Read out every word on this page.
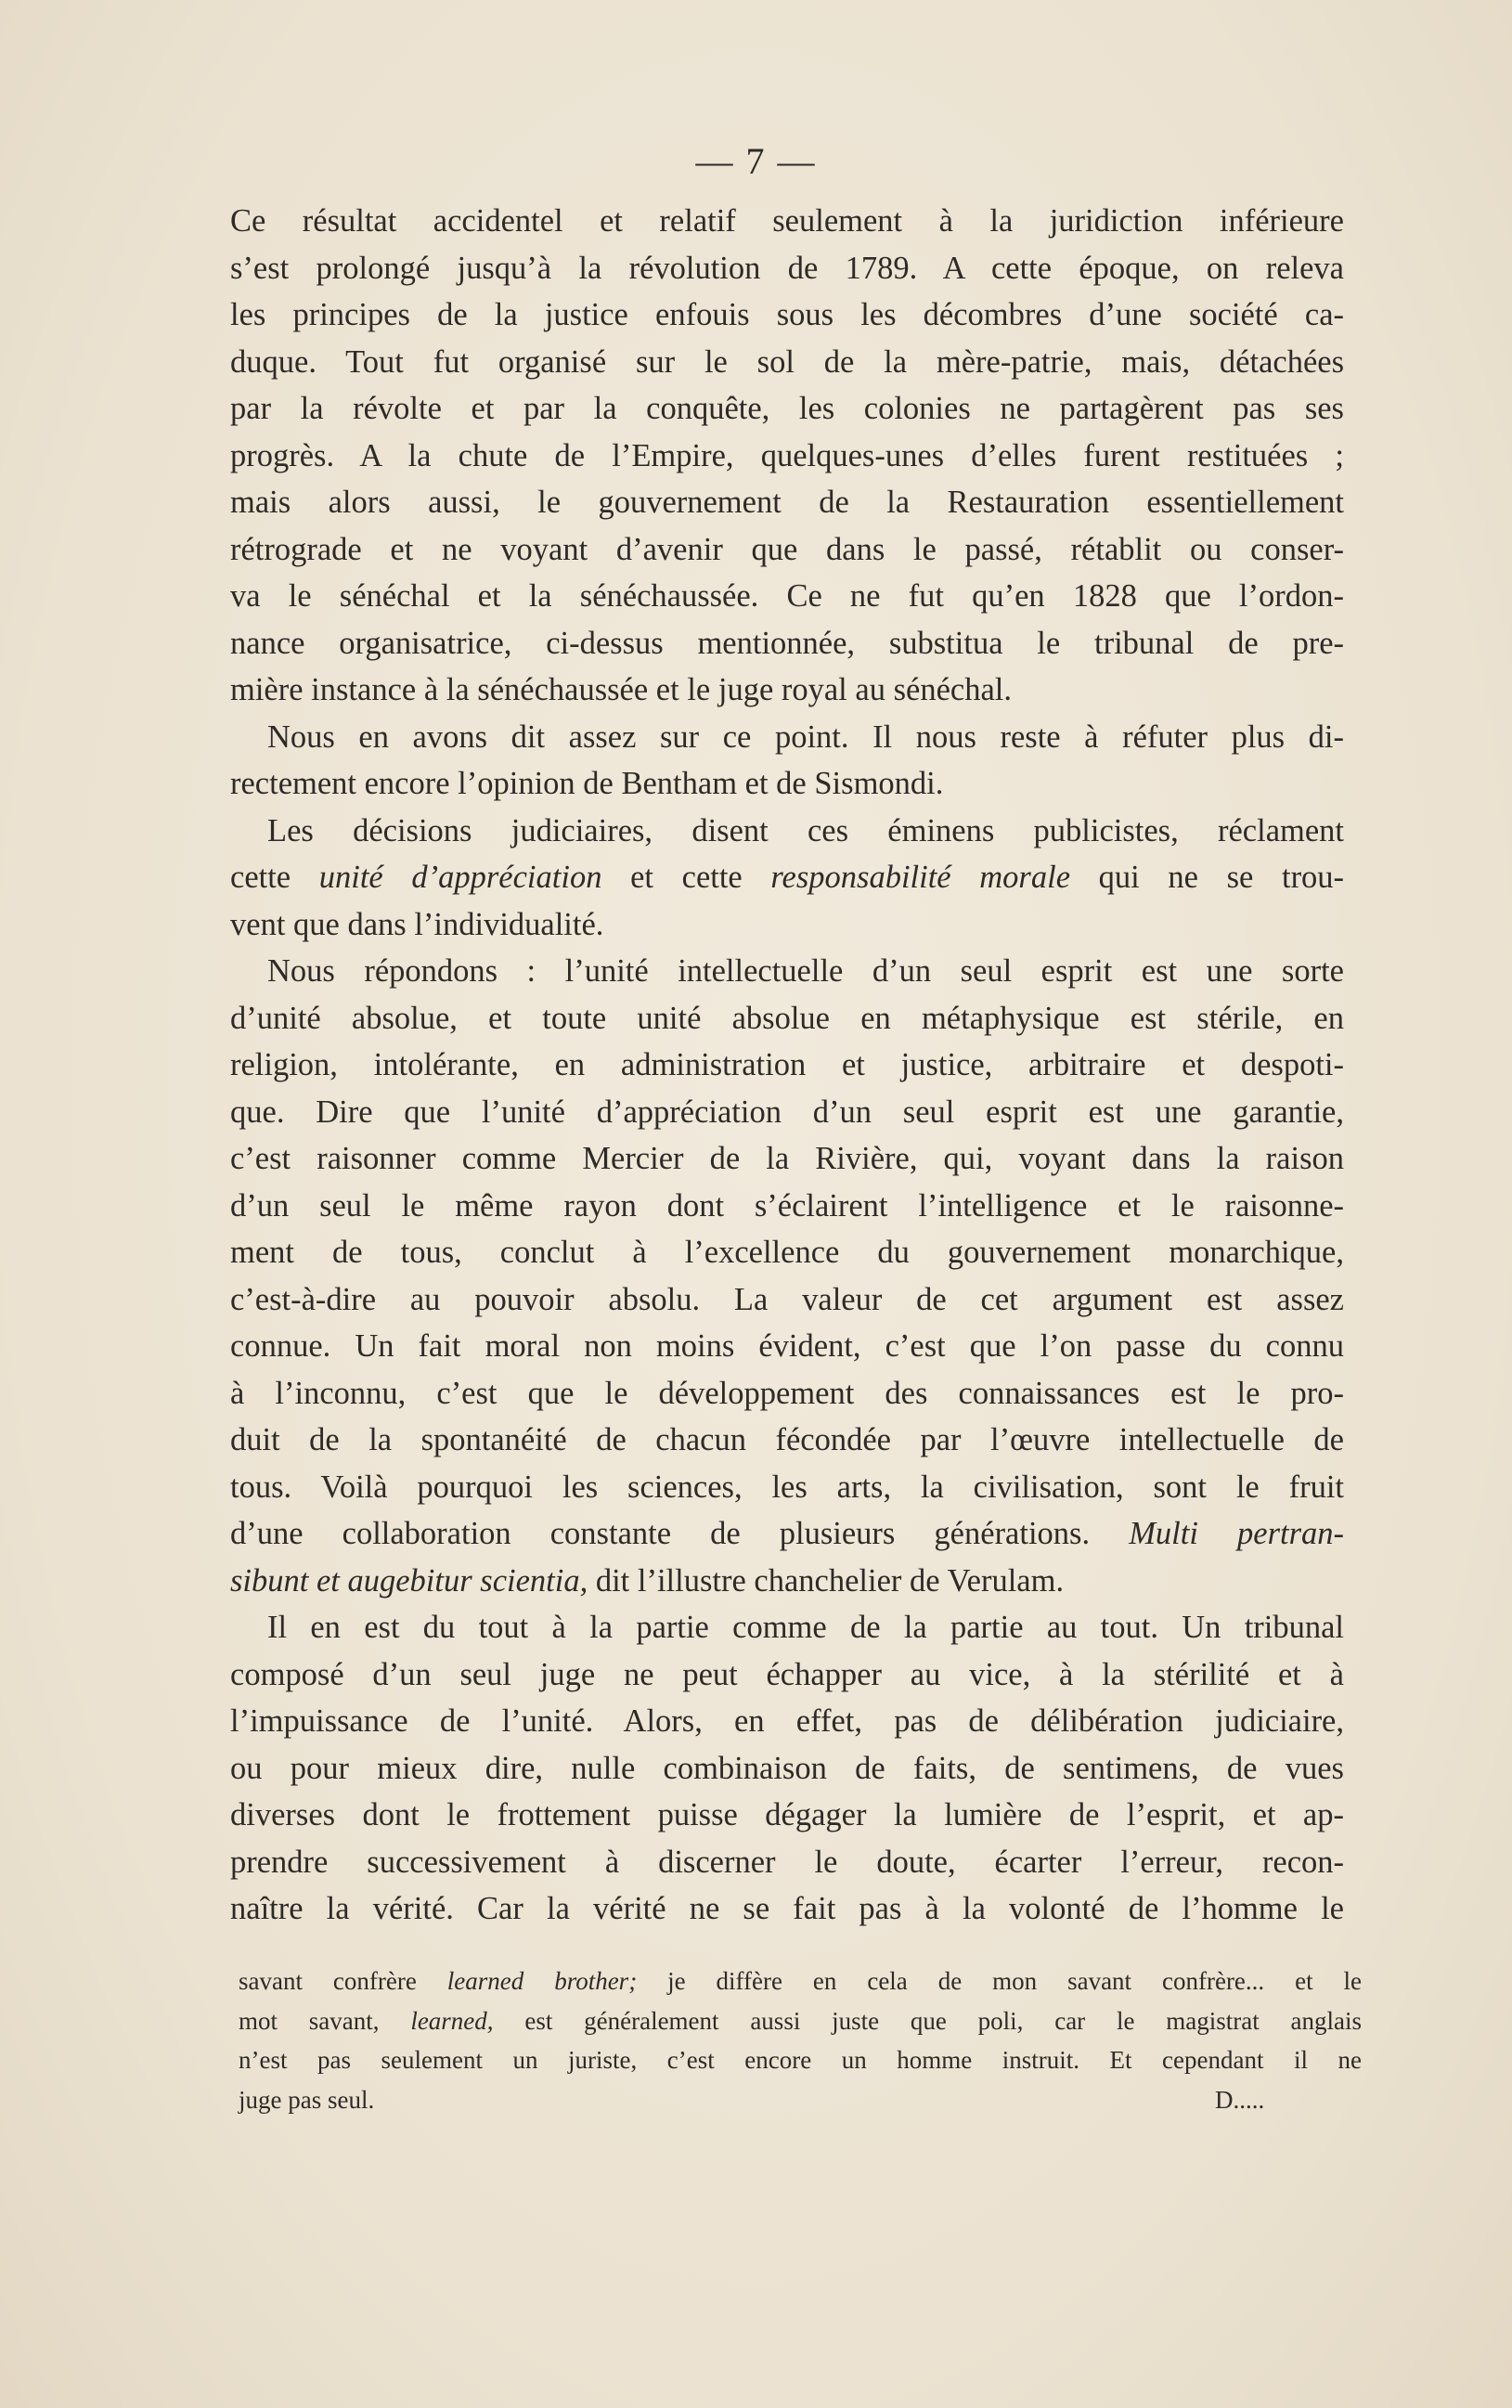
— 7 —
Ce résultat accidentel et relatif seulement à la juridiction inférieure
s’est prolongé jusqu’à la révolution de 1789. A cette époque, on releva
les principes de la justice enfouis sous les décombres d’une société ca-
duque. Tout fut organisé sur le sol de la mère-patrie, mais, détachées
par la révolte et par la conquête, les colonies ne partagèrent pas ses
progrès. A la chute de l’Empire, quelques-unes d’elles furent restituées ;
mais alors aussi, le gouvernement de la Restauration essentiellement
rétrograde et ne voyant d’avenir que dans le passé, rétablit ou conser-
va le sénéchal et la sénéchaussée. Ce ne fut qu’en 1828 que l’ordon-
nance organisatrice, ci-dessus mentionnée, substitua le tribunal de pre-
mière instance à la sénéchaussée et le juge royal au sénéchal.
Nous en avons dit assez sur ce point. Il nous reste à réfuter plus di-
rectement encore l’opinion de Bentham et de Sismondi.
Les décisions judiciaires, disent ces éminens publicistes, réclament
cette unité d’appréciation et cette responsabilité morale qui ne se trou-
vent que dans l’individualité.
Nous répondons : l’unité intellectuelle d’un seul esprit est une sorte
d’unité absolue, et toute unité absolue en métaphysique est stérile, en
religion, intolérante, en administration et justice, arbitraire et despoti-
que. Dire que l’unité d’appréciation d’un seul esprit est une garantie,
c’est raisonner comme Mercier de la Rivière, qui, voyant dans la raison
d’un seul le même rayon dont s’éclairent l’intelligence et le raisonne-
ment de tous, conclut à l’excellence du gouvernement monarchique,
c’est-à-dire au pouvoir absolu. La valeur de cet argument est assez
connue. Un fait moral non moins évident, c’est que l’on passe du connu
à l’inconnu, c’est que le développement des connaissances est le pro-
duit de la spontanéité de chacun fécondée par l’œuvre intellectuelle de
tous. Voilà pourquoi les sciences, les arts, la civilisation, sont le fruit
d’une collaboration constante de plusieurs générations. Multi pertran-
sibunt et augebitur scientia, dit l’illustre chanchelier de Verulam.
Il en est du tout à la partie comme de la partie au tout. Un tribunal
composé d’un seul juge ne peut échapper au vice, à la stérilité et à
l’impuissance de l’unité. Alors, en effet, pas de délibération judiciaire,
ou pour mieux dire, nulle combinaison de faits, de sentimens, de vues
diverses dont le frottement puisse dégager la lumière de l’esprit, et ap-
prendre successivement à discerner le doute, écarter l’erreur, recon-
naître la vérité. Car la vérité ne se fait pas à la volonté de l’homme le
savant confrère learned brother; je diffère en cela de mon savant confrère... et le
mot savant, learned, est généralement aussi juste que poli, car le magistrat anglais
n’est pas seulement un juriste, c’est encore un homme instruit. Et cependant il ne
juge pas seul.	D.....
